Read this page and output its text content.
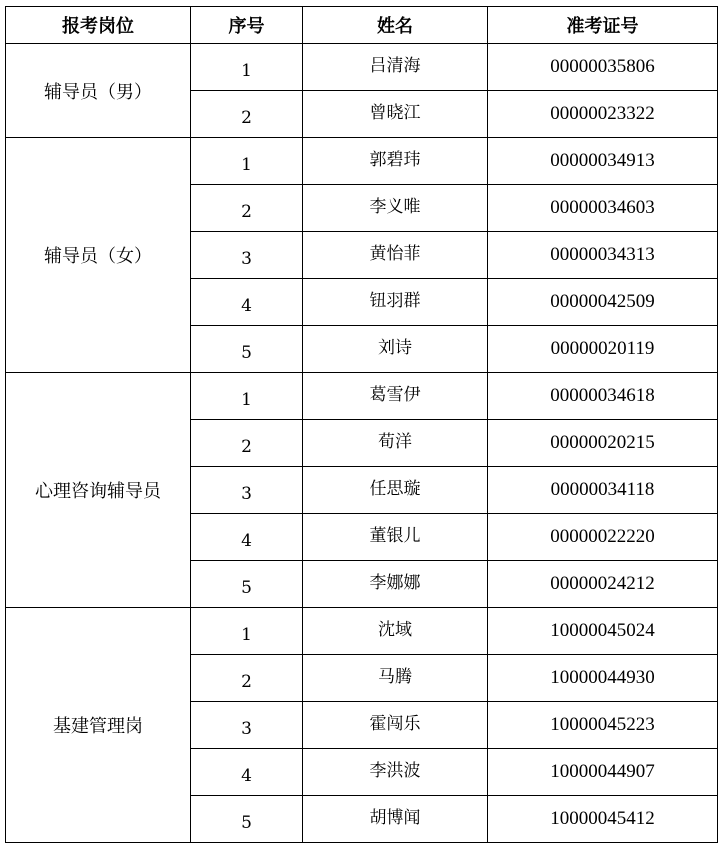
报考岗位	序号	姓名	准考证号
辅导员（男）	1	吕清海	00000035806
	2	曾晓江	00000023322
辅导员（女）	1	郭碧玮	00000034913
	2	李义唯	00000034603
	3	黄怡菲	00000034313
	4	钮羽群	00000042509
	5	刘诗	00000020119
心理咨询辅导员	1	葛雪伊	00000034618
	2	荀洋	00000020215
	3	任思璇	00000034118
	4	董银儿	00000022220
	5	李娜娜	00000024212
基建管理岗	1	沈域	10000045024
	2	马腾	10000044930
	3	霍闯乐	10000045223
	4	李洪波	10000044907
	5	胡博闻	10000045412
